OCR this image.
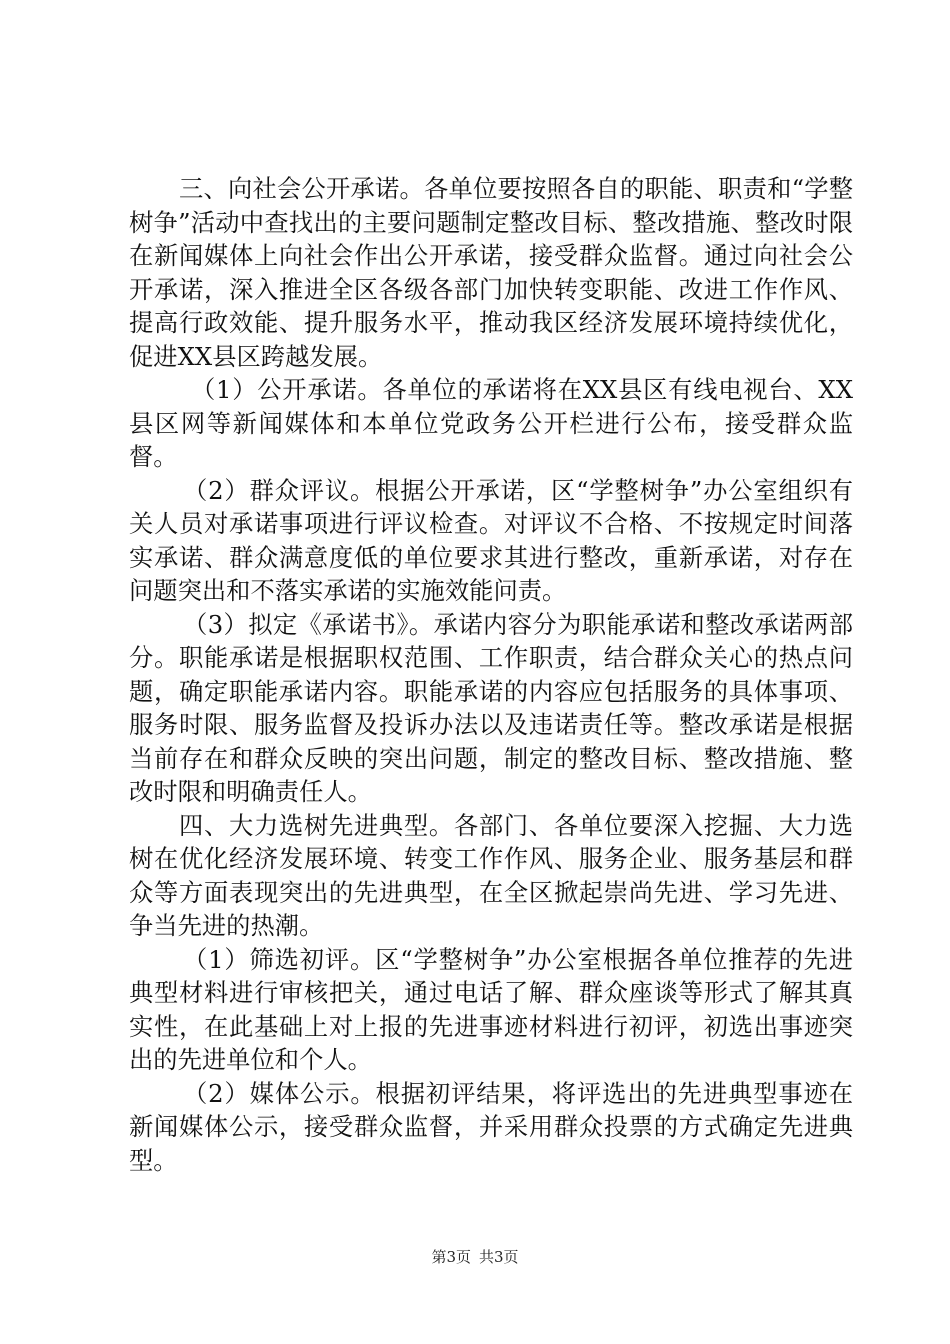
三、向社会公开承诺。各单位要按照各自的职能、职责和“学整树争”活动中查找出的主要问题制定整改目标、整改措施、整改时限在新闻媒体上向社会作出公开承诺，接受群众监督。通过向社会公开承诺，深入推进全区各级各部门加快转变职能、改进工作作风、提高行政效能、提升服务水平，推动我区经济发展环境持续优化，促进XX县区跨越发展。

（1）公开承诺。各单位的承诺将在XX县区有线电视台、XX县区网等新闻媒体和本单位党政务公开栏进行公布，接受群众监督。

（2）群众评议。根据公开承诺，区“学整树争”办公室组织有关人员对承诺事项进行评议检查。对评议不合格、不按规定时间落实承诺、群众满意度低的单位要求其进行整改，重新承诺，对存在问题突出和不落实承诺的实施效能问责。

（3）拟定《承诺书》。承诺内容分为职能承诺和整改承诺两部分。职能承诺是根据职权范围、工作职责，结合群众关心的热点问题，确定职能承诺内容。职能承诺的内容应包括服务的具体事项、服务时限、服务监督及投诉办法以及违诺责任等。整改承诺是根据当前存在和群众反映的突出问题，制定的整改目标、整改措施、整改时限和明确责任人。

四、大力选树先进典型。各部门、各单位要深入挖掘、大力选树在优化经济发展环境、转变工作作风、服务企业、服务基层和群众等方面表现突出的先进典型，在全区掀起崇尚先进、学习先进、争当先进的热潮。

（1）筛选初评。区“学整树争”办公室根据各单位推荐的先进典型材料进行审核把关，通过电话了解、群众座谈等形式了解其真实性，在此基础上对上报的先进事迹材料进行初评，初选出事迹突出的先进单位和个人。

（2）媒体公示。根据初评结果，将评选出的先进典型事迹在新闻媒体公示，接受群众监督，并采用群众投票的方式确定先进典型。

第3页 共3页
